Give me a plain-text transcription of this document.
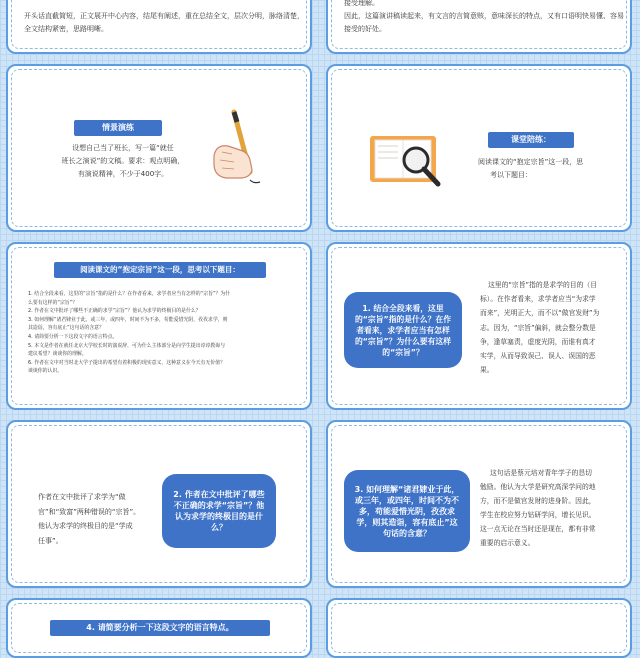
开头话直截简短，正文展开中心内容，结尾有阐述，重在总结全文，层次分明，脉络清楚，全文结构紧密，思路明晰。
接受理解。
因此，这篇演讲稿读起来，有文言的言简意赅，意味深长的特点，又有口语明快易懂、容易接受的好处。
情景演练
设想自己当了班长，写一篇“就任
班长之演说”的文稿。要求：观点明确，
有演说精神，不少于400字。
课堂陪练：
阅读课文的“抱定宗旨”这一段，思
考以下题目：
阅读课文的“抱定宗旨”这一段，思考以下题目：
1. 结合全段来看，这里的“宗旨”指的是什么？在作者看来，求学者应当有怎样的“宗旨”？为什
么要有这样的“宗旨”？
2. 作者在文中批评了哪些不正确的求学“宗旨”？他认为求学的终极目的是什么？
3. 如何理解“诸君肄业于此，或三年，或四年，时间不为不多，苟能爱惜光阴，孜孜求学，则
其造诣，容有底止”这句话的含意？
4. 请简要分析一下这段文字的语言特点。
5. 本文是作者在就任北京大学校长时的演说辞，可为什么主体部分是向学生提出谆谆教诲与
建议希望？谈谈你的理解。
6. 作者在文中对当时北大学子提出的希望有着积极的现实意义，这种意义在今天有无价值？
谈谈你的认识。
1. 结合全段来看，这里的“宗旨”指的是什么？在作者看来，求学者应当有怎样的“宗旨”？为什么要有这样的“宗旨”？
这里的“宗旨”指的是求学的目的（目
标）。在作者看来，求学者应当“为求学
而来”，光明正大，而不以“做官发财”为
志。因为，“宗旨”偏斜，就会整分数是
争，逢草塞责，虚度光阴，而谁有真才
实学，从而导致误己、误人、误国的恶
果。
作者在文中批评了求学为“做
官”和“致富”两种错误的“宗旨”。
他认为求学的终极目的是“学成
任事”。
2. 作者在文中批评了哪些不正确的求学“宗旨”？他认为求学的终极目的是什么？
3. 如何理解“诸君肄业于此，或三年，或四年，时间不为不多，苟能爱惜光阴，孜孜求学，则其造诣，容有底止”这句话的含意？
这句话是蔡元培对青年学子的恳切
勉励。他认为大学是研究高深学问的地
方，而不是做官发财的进身阶。因此，
学生在校应努力钻研学问，增长见识。
这一点无论在当时还是现在，都有非常
重要的启示意义。
4. 请简要分析一下这段文字的语言特点。
